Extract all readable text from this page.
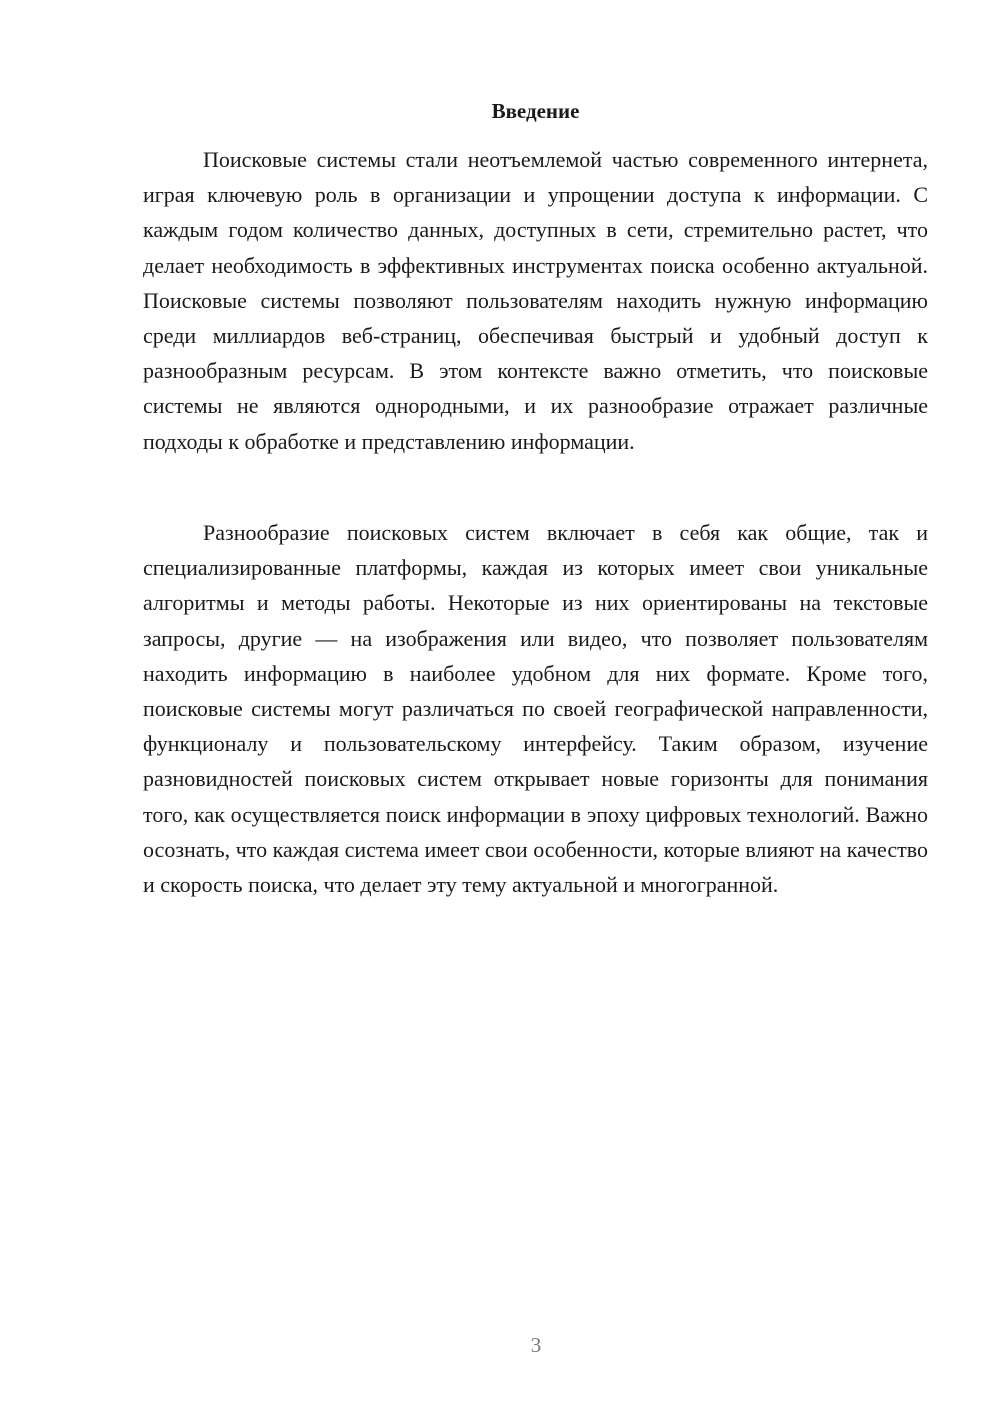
Введение

Поисковые системы стали неотъемлемой частью современного интернета, играя ключевую роль в организации и упрощении доступа к информации. С каждым годом количество данных, доступных в сети, стремительно растет, что делает необходимость в эффективных инструментах поиска особенно актуальной. Поисковые системы позволяют пользователям находить нужную информацию среди миллиардов веб-страниц, обеспечивая быстрый и удобный доступ к разнообразным ресурсам. В этом контексте важно отметить, что поисковые системы не являются однородными, и их разнообразие отражает различные подходы к обработке и представлению информации.

Разнообразие поисковых систем включает в себя как общие, так и специализированные платформы, каждая из которых имеет свои уникальные алгоритмы и методы работы. Некоторые из них ориентированы на текстовые запросы, другие — на изображения или видео, что позволяет пользователям находить информацию в наиболее удобном для них формате. Кроме того, поисковые системы могут различаться по своей географической направленности, функционалу и пользовательскому интерфейсу. Таким образом, изучение разновидностей поисковых систем открывает новые горизонты для понимания того, как осуществляется поиск информации в эпоху цифровых технологий. Важно осознать, что каждая система имеет свои особенности, которые влияют на качество и скорость поиска, что делает эту тему актуальной и многогранной.

3
